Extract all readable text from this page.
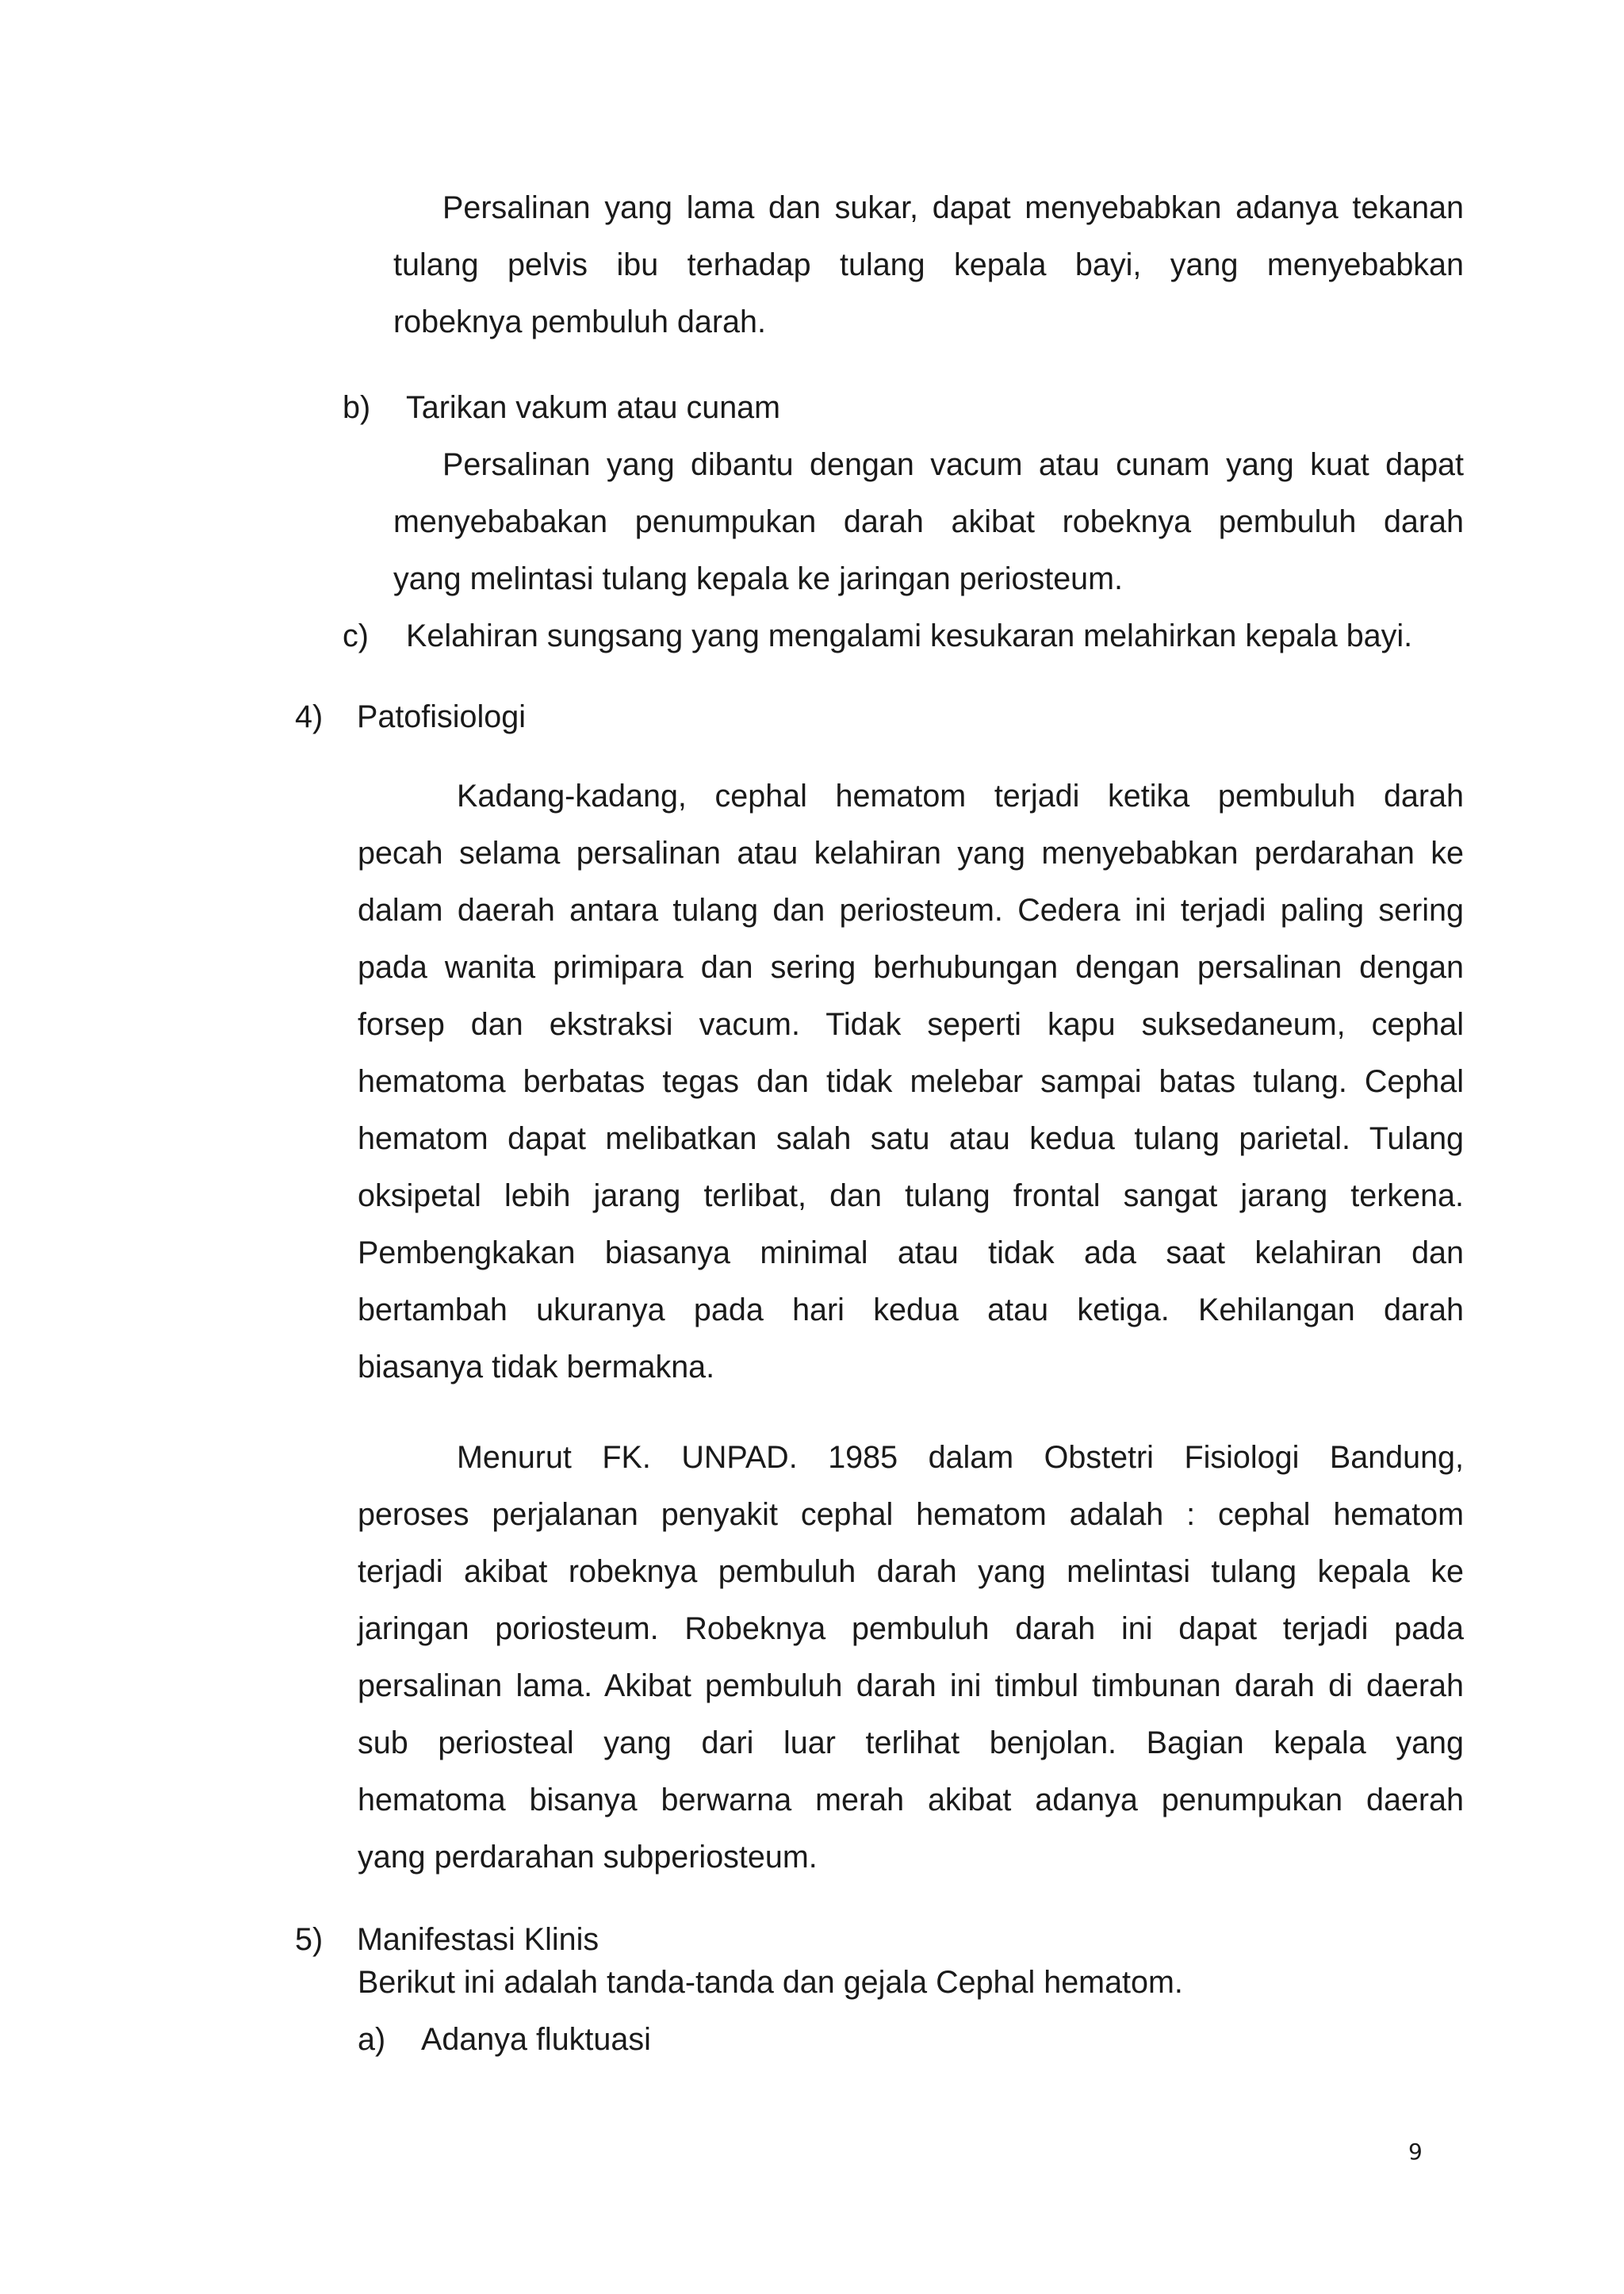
Persalinan yang lama dan sukar, dapat menyebabkan adanya tekanan
tulang pelvis ibu terhadap tulang kepala bayi, yang menyebabkan
robeknya pembuluh darah.
b) Tarikan vakum atau cunam
Persalinan yang dibantu dengan vacum atau cunam yang kuat dapat
menyebabakan penumpukan darah akibat robeknya pembuluh darah
yang melintasi tulang kepala ke jaringan periosteum.
c) Kelahiran sungsang yang mengalami kesukaran melahirkan kepala bayi.
4) Patofisiologi
Kadang-kadang, cephal hematom terjadi ketika pembuluh darah
pecah selama persalinan atau kelahiran yang menyebabkan perdarahan ke
dalam daerah antara tulang dan periosteum. Cedera ini terjadi paling sering
pada wanita primipara dan sering berhubungan dengan persalinan dengan
forsep dan ekstraksi vacum. Tidak seperti kapu suksedaneum, cephal
hematoma berbatas tegas dan tidak melebar sampai batas tulang. Cephal
hematom dapat melibatkan salah satu atau kedua tulang parietal. Tulang
oksipetal lebih jarang terlibat, dan tulang frontal sangat jarang terkena.
Pembengkakan biasanya minimal atau tidak ada saat kelahiran dan
bertambah ukuranya pada hari kedua atau ketiga. Kehilangan darah
biasanya tidak bermakna.
Menurut FK. UNPAD. 1985 dalam Obstetri Fisiologi Bandung,
peroses perjalanan penyakit cephal hematom adalah : cephal hematom
terjadi akibat robeknya pembuluh darah yang melintasi tulang kepala ke
jaringan poriosteum. Robeknya pembuluh darah ini dapat terjadi pada
persalinan lama. Akibat pembuluh darah ini timbul timbunan darah di daerah
sub periosteal yang dari luar terlihat benjolan. Bagian kepala yang
hematoma bisanya berwarna merah akibat adanya penumpukan daerah
yang perdarahan subperiosteum.
5) Manifestasi Klinis
Berikut ini adalah tanda-tanda dan gejala Cephal hematom.
a) Adanya fluktuasi
9
